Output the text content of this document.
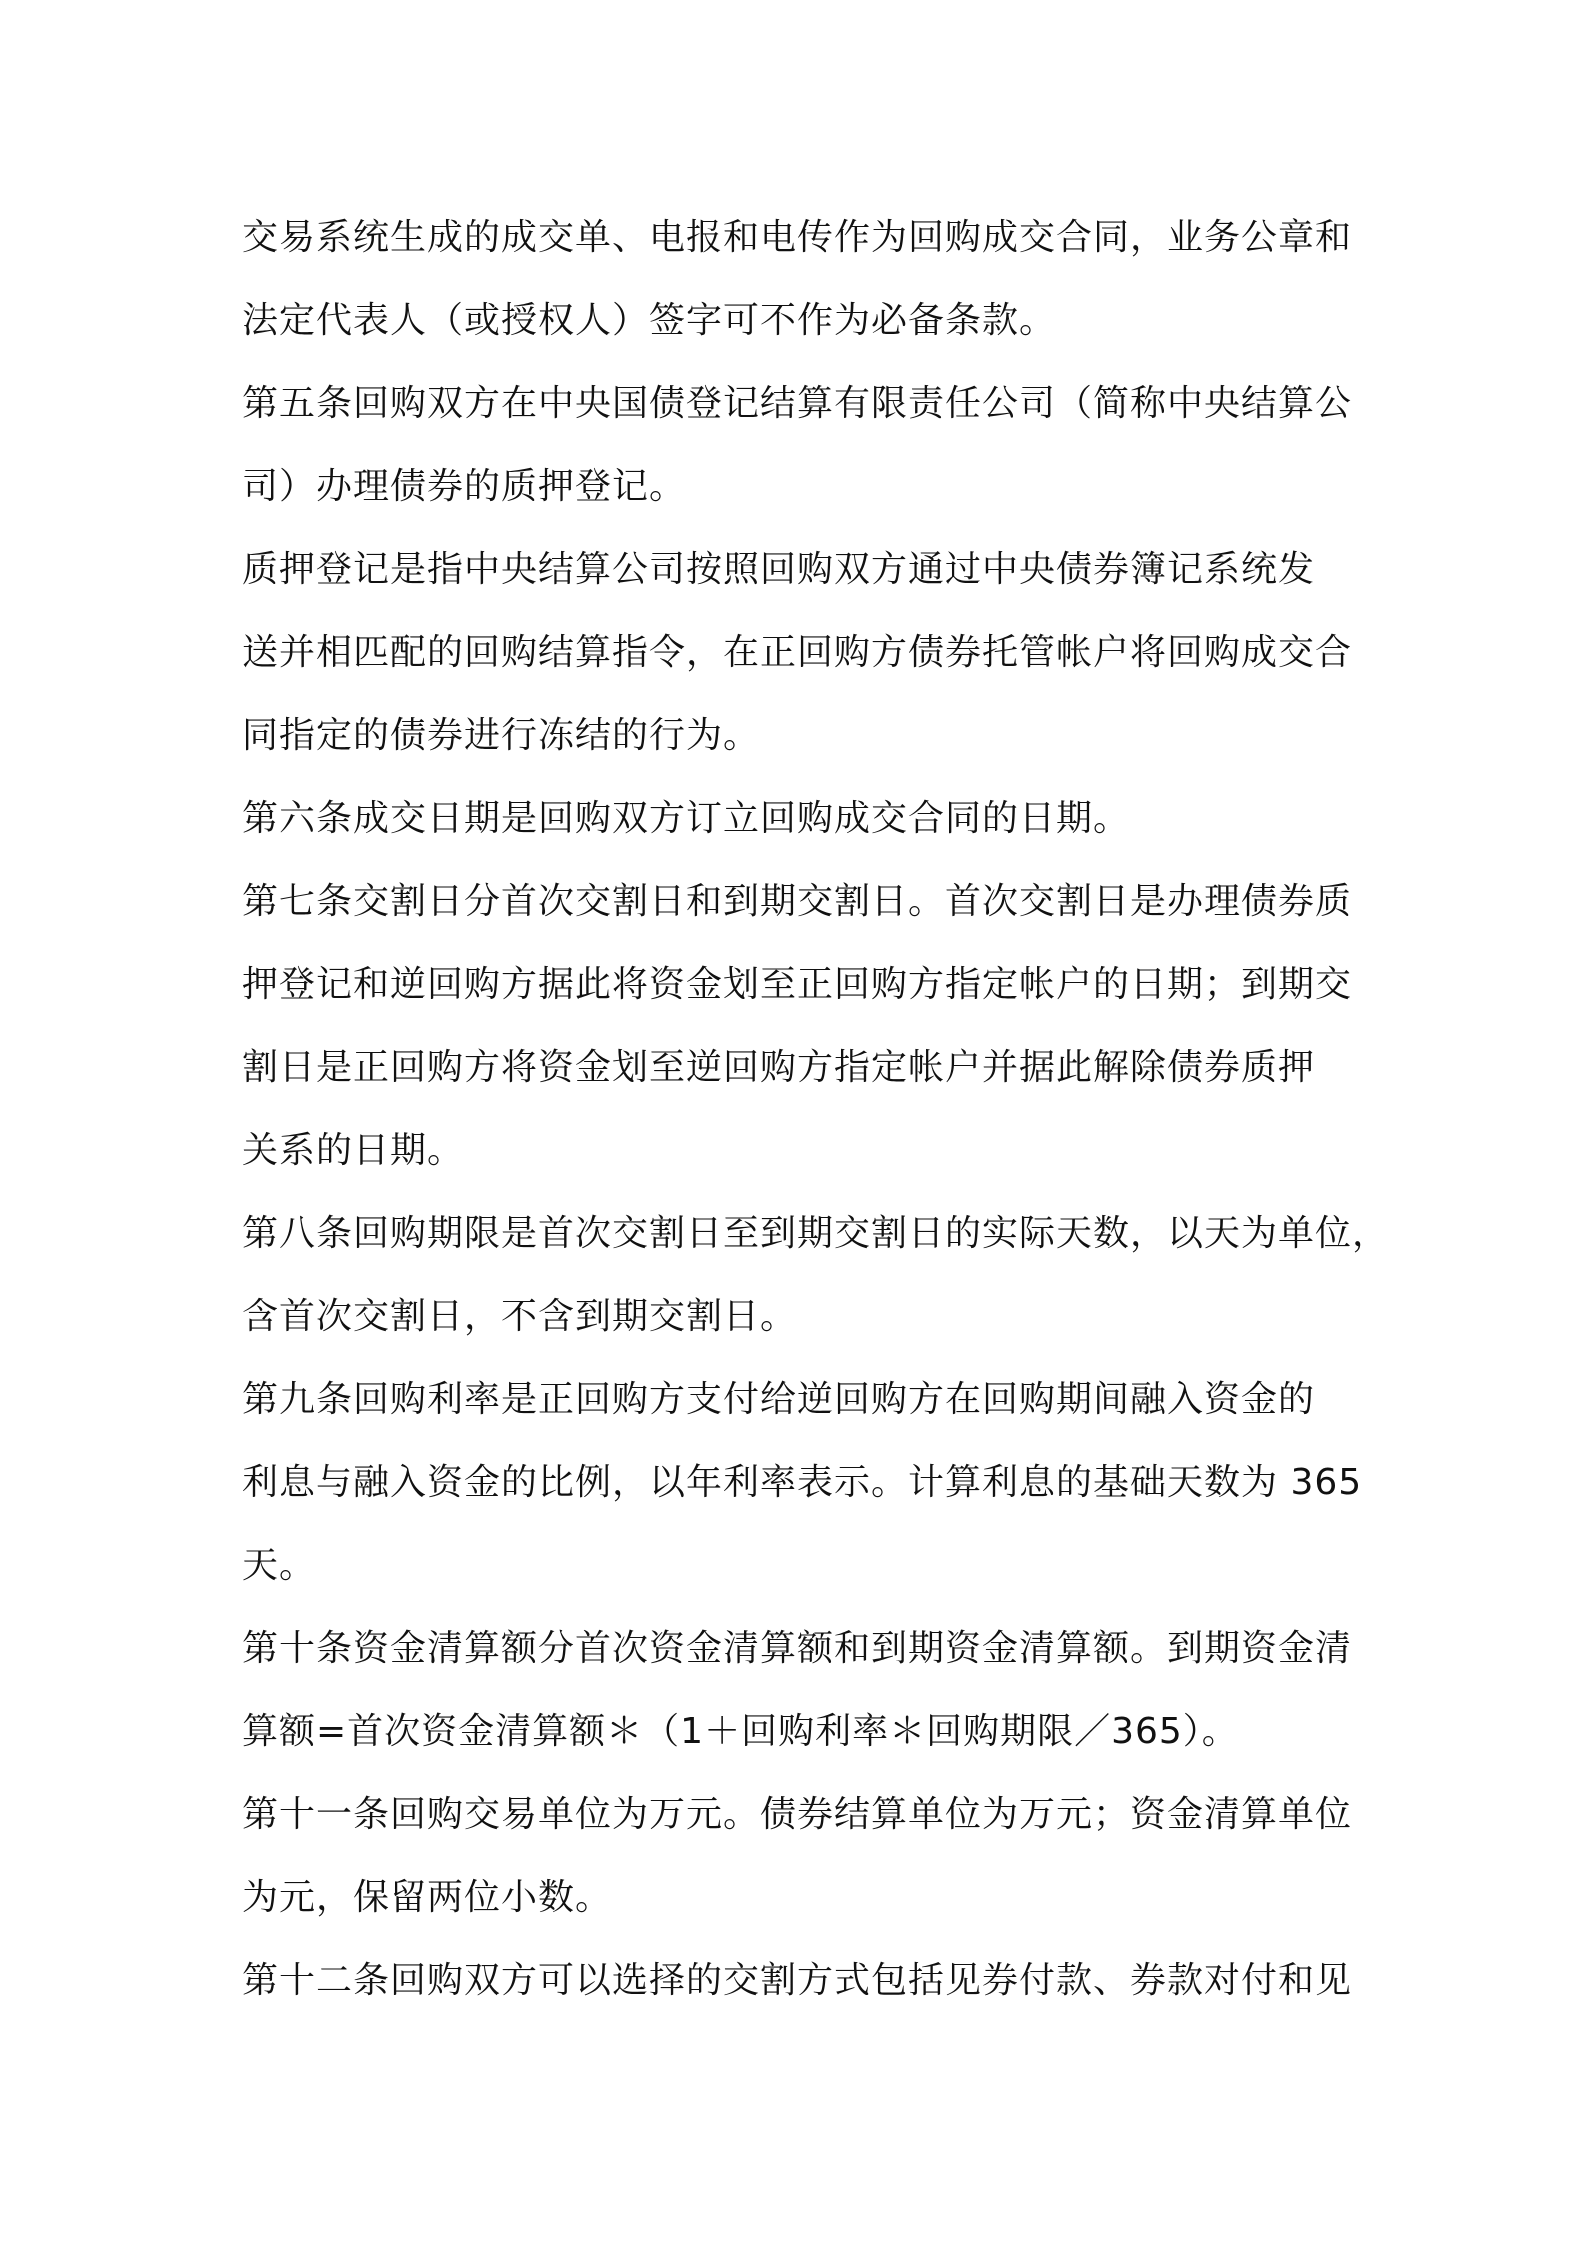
交易系统生成的成交单、电报和电传作为回购成交合同，业务公章和
法定代表人（或授权人）签字可不作为必备条款。
第五条回购双方在中央国债登记结算有限责任公司（简称中央结算公
司）办理债券的质押登记。
质押登记是指中央结算公司按照回购双方通过中央债券簿记系统发
送并相匹配的回购结算指令，在正回购方债券托管帐户将回购成交合
同指定的债券进行冻结的行为。
第六条成交日期是回购双方订立回购成交合同的日期。
第七条交割日分首次交割日和到期交割日。首次交割日是办理债券质
押登记和逆回购方据此将资金划至正回购方指定帐户的日期；到期交
割日是正回购方将资金划至逆回购方指定帐户并据此解除债券质押
关系的日期。
第八条回购期限是首次交割日至到期交割日的实际天数，以天为单位，
含首次交割日，不含到期交割日。
第九条回购利率是正回购方支付给逆回购方在回购期间融入资金的
利息与融入资金的比例，以年利率表示。计算利息的基础天数为 365
天。
第十条资金清算额分首次资金清算额和到期资金清算额。到期资金清
算额=首次资金清算额＊（1＋回购利率＊回购期限／365）。
第十一条回购交易单位为万元。债券结算单位为万元；资金清算单位
为元，保留两位小数。
第十二条回购双方可以选择的交割方式包括见券付款、券款对付和见
